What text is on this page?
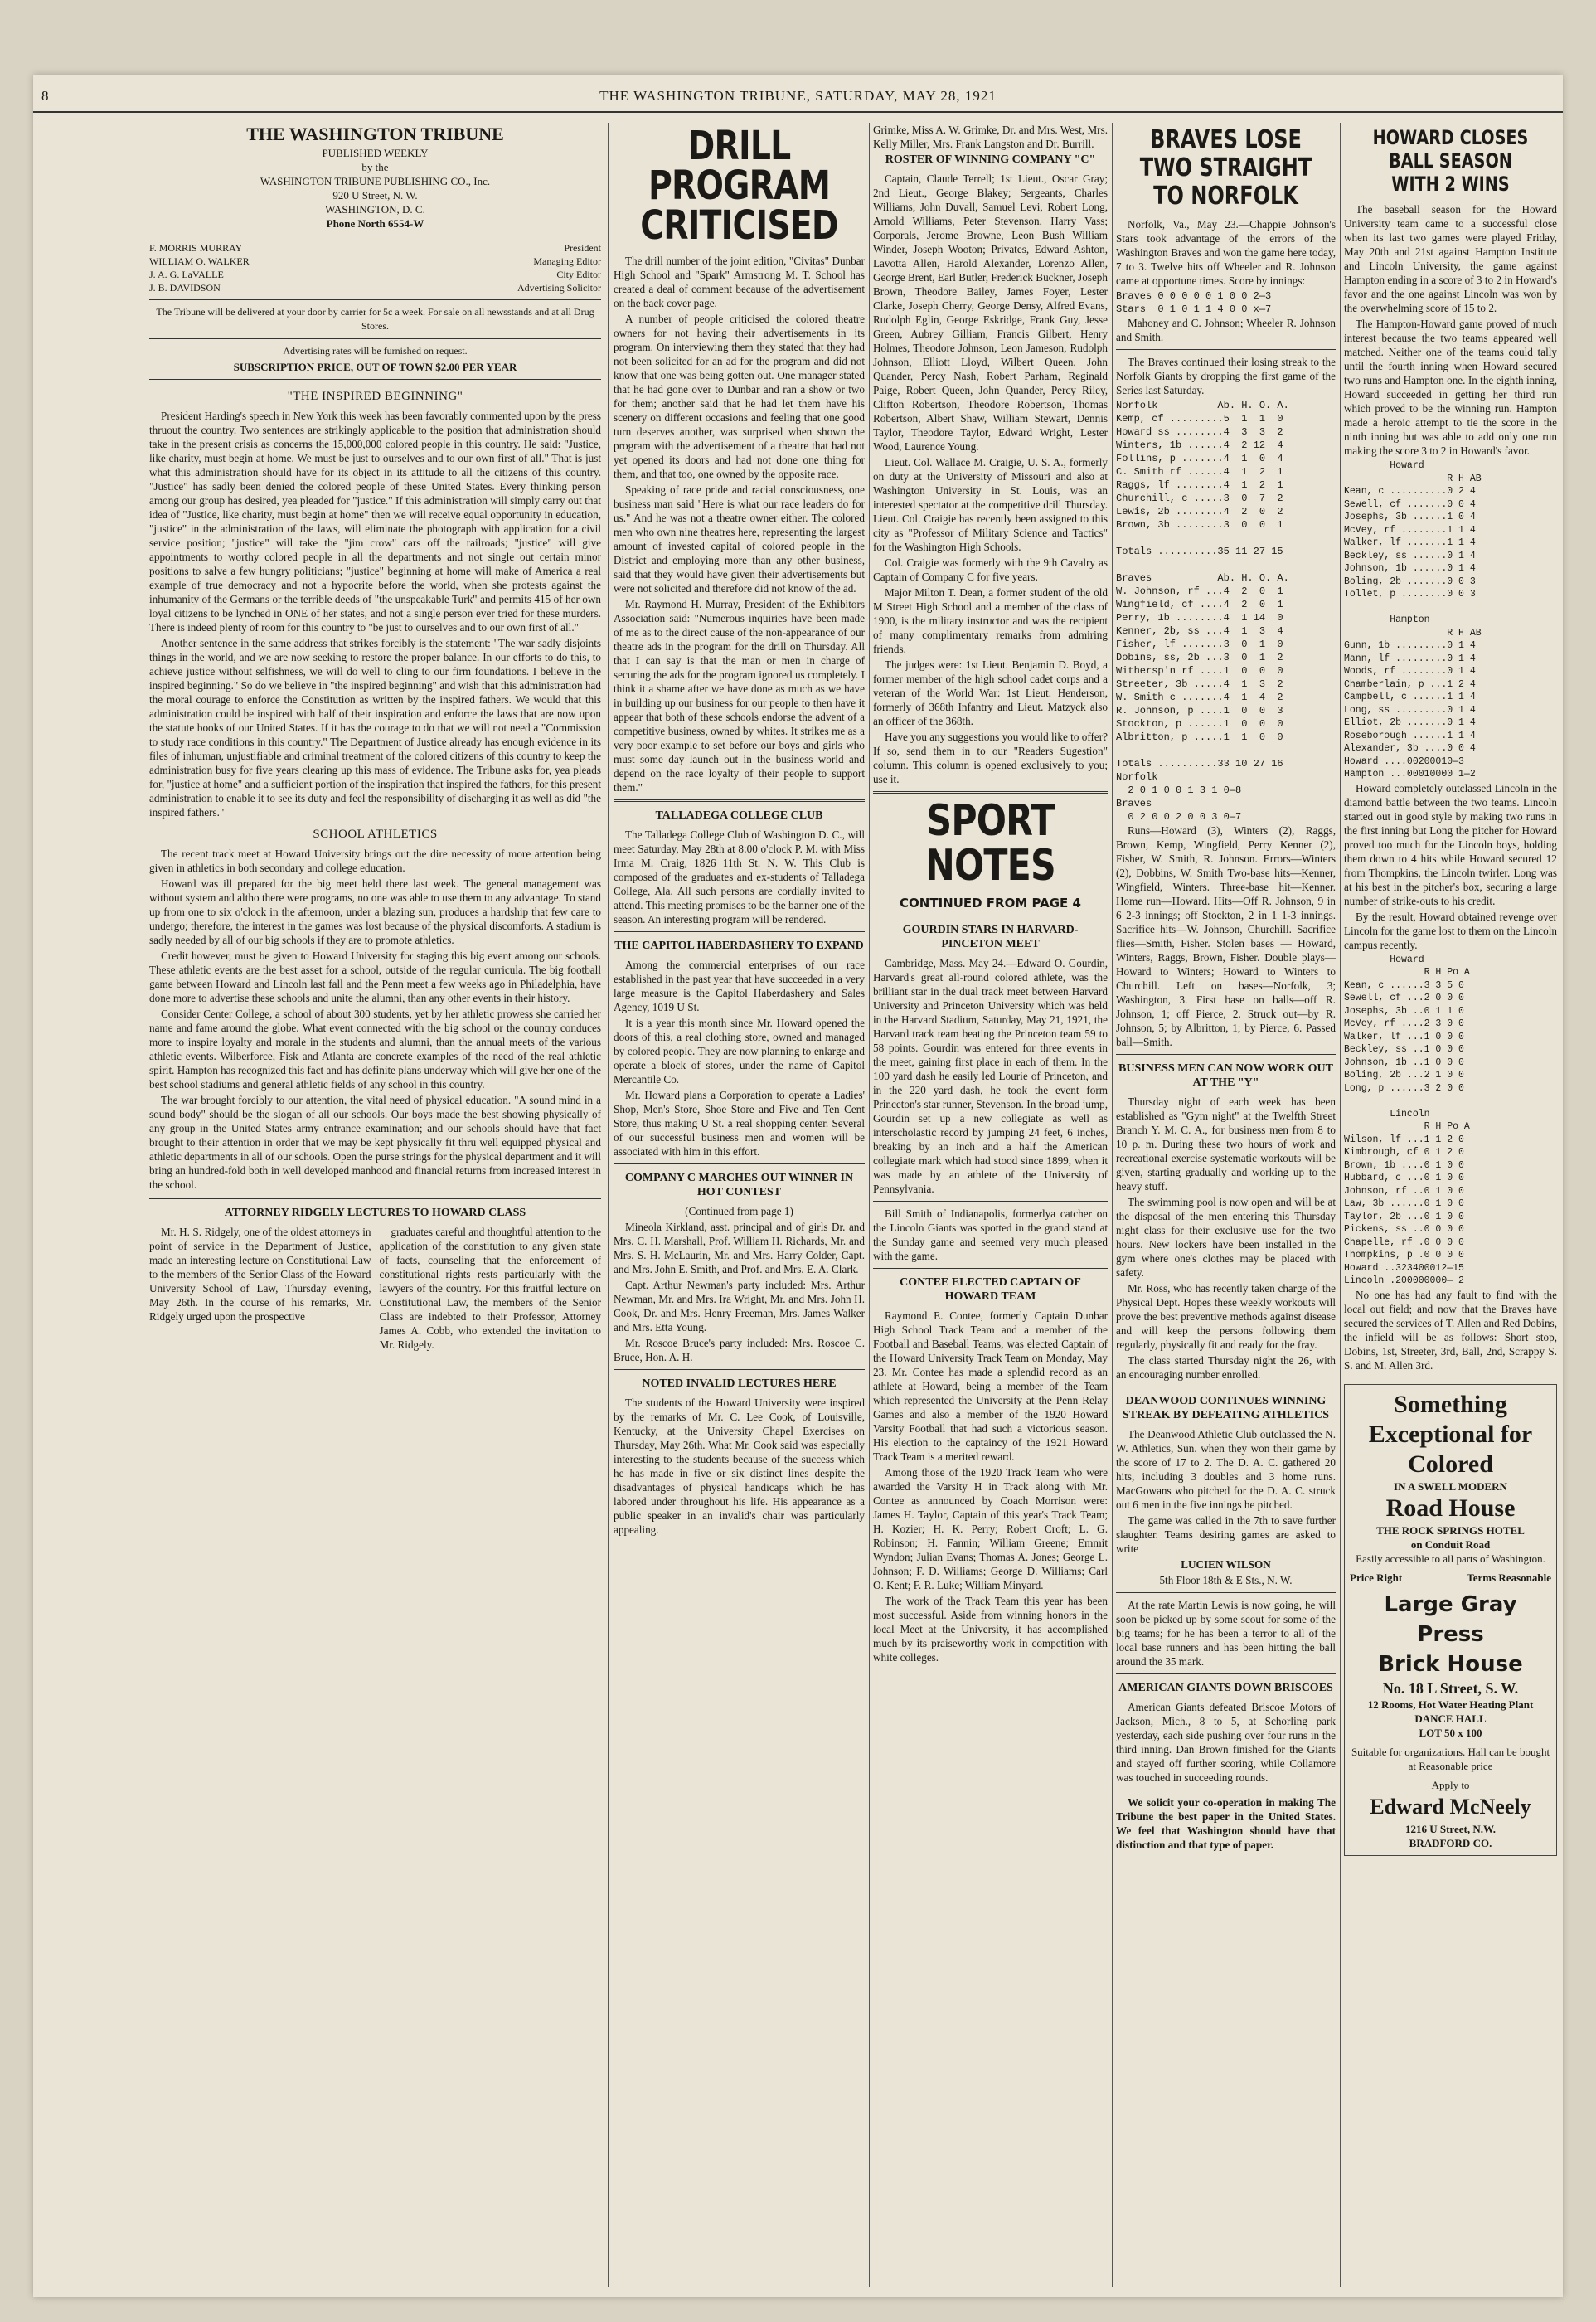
8	THE WASHINGTON TRIBUNE, SATURDAY, MAY 28, 1921
THE WASHINGTON TRIBUNE
PUBLISHED WEEKLY
by the
WASHINGTON TRIBUNE PUBLISHING CO., Inc.
920 U Street, N. W.
WASHINGTON, D. C.
Phone North 6554-W
F. MORRIS MURRAY	President
WILLIAM O. WALKER	Managing Editor
J. A. G. LaVALLE	City Editor
J. B. DAVIDSON	Advertising Solicitor

The Tribune will be delivered at your door by carrier for 5c a week. For sale on all newsstands and at all Drug Stores.

Advertising rates will be furnished on request.

SUBSCRIPTION PRICE, OUT OF TOWN $2.00 PER YEAR

"THE INSPIRED BEGINNING"

President Harding's speech in New York this week has been favorably commented upon by the press thruout the country. Two sentences are strikingly applicable to the position that administration should take in the present crisis as concerns the 15,000,000 colored people in this country. He said: "Justice, like charity, must begin at home. We must be just to ourselves and to our own first of all." That is just what this administration should have for its object in its attitude to all the citizens of this country. "Justice" has sadly been denied the colored people of these United States. Every thinking person among our group has desired, yea pleaded for "justice." If this administration will simply carry out that idea of "Justice, like charity, must begin at home" then we will receive equal opportunity in education, "justice" in the administration of the laws, will eliminate the photograph with application for a civil service position; "justice" will take the "jim crow" cars off the railroads; "justice" will give appointments to worthy colored people in all the departments and not single out certain minor positions to salve a few hungry politicians; "justice" beginning at home will make of America a real example of true democracy and not a hypocrite before the world, when she protests against the inhumanity of the Germans or the terrible deeds of "the unspeakable Turk" and permits 415 of her own loyal citizens to be lynched in ONE of her states, and not a single person ever tried for these murders. There is indeed plenty of room for this country to "be just to ourselves and to our own first of all."

Another sentence in the same address that strikes forcibly is the statement: "The war sadly disjoints things in the world, and we are now seeking to restore the proper balance. In our efforts to do this, to achieve justice without selfishness, we will do well to cling to our firm foundations. I believe in the inspired beginning." So do we believe in "the inspired beginning" and wish that this administration had the moral courage to enforce the Constitution as written by the inspired fathers. We would that this administration could be inspired with half of their inspiration and enforce the laws that are now upon the statute books of our United States. If it has the courage to do that we will not need a "Commission to study race conditions in this country." The Department of Justice already has enough evidence in its files of inhuman, unjustifiable and criminal treatment of the colored citizens of this country to keep the administration busy for five years clearing up this mass of evidence. The Tribune asks for, yea pleads for, "justice at home" and a sufficient portion of the inspiration that inspired the fathers, for this present administration to enable it to see its duty and feel the responsibility of discharging it as well as did "the inspired fathers."

SCHOOL ATHLETICS

The recent track meet at Howard University brings out the dire necessity of more attention being given in athletics in both secondary and college education.

Howard was ill prepared for the big meet held there last week. The general management was without system and altho there were programs, no one was able to use them to any advantage. To stand up from one to six o'clock in the afternoon, under a blazing sun, produces a hardship that few care to undergo; therefore, the interest in the games was lost because of the physical discomforts. A stadium is sadly needed by all of our big schools if they are to promote athletics.

Credit however, must be given to Howard University for staging this big event among our schools. These athletic events are the best asset for a school, outside of the regular curricula. The big football game between Howard and Lincoln last fall and the Penn meet a few weeks ago in Philadelphia, have done more to advertise these schools and unite the alumni, than any other events in their history.

Consider Center College, a school of about 300 students, yet by her athletic prowess she carried her name and fame around the globe. What event connected with the big school or the country conduces more to inspire loyalty and morale in the students and alumni, than the annual meets of the various athletic events. Wilberforce, Fisk and Atlanta are concrete examples of the need of the real athletic spirit. Hampton has recognized this fact and has definite plans underway which will give her one of the best school stadiums and general athletic fields of any school in this country.

The war brought forcibly to our attention, the vital need of physical education. "A sound mind in a sound body" should be the slogan of all our schools. Our boys made the best showing physically of any group in the United States army entrance examination; and our schools should have that fact brought to their attention in order that we may be kept physically fit thru well equipped physical and athletic departments in all of our schools. Open the purse strings for the physical department and it will bring an hundred-fold both in well developed manhood and financial returns from increased interest in the school.

ATTORNEY RIDGELY LECTURES TO HOWARD CLASS

Mr. H. S. Ridgely, one of the oldest attorneys in point of service in the Department of Justice, made an interesting lecture on Constitutional Law to the members of the Senior Class of the Howard University School of Law, Thursday evening, May 26th. In the course of his remarks, Mr. Ridgely urged upon the prospective

graduates careful and thoughtful attention to the application of the constitution to any given state of facts, counseling that the enforcement of constitutional rights rests particularly with the lawyers of the country. For this fruitful lecture on Constitutional Law, the members of the Senior Class are indebted to their Professor, Attorney James A. Cobb, who extended the invitation to Mr. Ridgely.

DRILL PROGRAM CRITICISED

The drill number of the joint edition, "Civitas" Dunbar High School and "Spark" Armstrong M. T. School has created a deal of comment because of the advertisement on the back cover page.

A number of people criticised the colored theatre owners for not having their advertisements in its program. On interviewing them they stated that they had not been solicited for an ad for the program and did not know that one was being gotten out. One manager stated that he had gone over to Dunbar and ran a show or two for them; another said that he had let them have his scenery on different occasions and feeling that one good turn deserves another, was surprised when shown the program with the advertisement of a theatre that had not yet opened its doors and had not done one thing for them, and that too, one owned by the opposite race.

Speaking of race pride and racial consciousness, one business man said "Here is what our race leaders do for us." And he was not a theatre owner either. The colored men who own nine theatres here, representing the largest amount of invested capital of colored people in the District and employing more than any other business, said that they would have given their advertisements but were not solicited and therefore did not know of the ad.

Mr. Raymond H. Murray, President of the Exhibitors Association said: "Numerous inquiries have been made of me as to the direct cause of the non-appearance of our theatre ads in the program for the drill on Thursday. All that I can say is that the man or men in charge of securing the ads for the program ignored us completely. I think it a shame after we have done as much as we have in building up our business for our people to then have it appear that both of these schools endorse the advent of a competitive business, owned by whites. It strikes me as a very poor example to set before our boys and girls who must some day launch out in the business world and depend on the race loyalty of their people to support them."

TALLADEGA COLLEGE CLUB

The Talladega College Club of Washington D. C., will meet Saturday, May 28th at 8:00 o'clock P. M. with Miss Irma M. Craig, 1826 11th St. N. W. This Club is composed of the graduates and ex-students of Talladega College, Ala. All such persons are cordially invited to attend. This meeting promises to be the banner one of the season. An interesting program will be rendered.

THE CAPITOL HABERDASHERY TO EXPAND

Among the commercial enterprises of our race established in the past year that have succeeded in a very large measure is the Capitol Haberdashery and Sales Agency, 1019 U St.

It is a year this month since Mr. Howard opened the doors of this, a real clothing store, owned and managed by colored people. They are now planning to enlarge and operate a block of stores, under the name of Capitol Mercantile Co.

Mr. Howard plans a Corporation to operate a Ladies' Shop, Men's Store, Shoe Store and Five and Ten Cent Store, thus making U St. a real shopping center. Several of our successful business men and women will be associated with him in this effort.

COMPANY C MARCHES OUT WINNER IN HOT CONTEST

(Continued from page 1)

Mineola Kirkland, asst. principal and of girls Dr. and Mrs. C. H. Marshall, Prof. William H. Richards, Mr. and Mrs. S. H. McLaurin, Mr. and Mrs. Harry Colder, Capt. and Mrs. John E. Smith, and Prof. and Mrs. E. A. Clark.

Capt. Arthur Newman's party included: Mrs. Arthur Newman, Mr. and Mrs. Ira Wright, Mr. and Mrs. John H. Cook, Dr. and Mrs. Henry Freeman, Mrs. James Walker and Mrs. Etta Young.

Mr. Roscoe Bruce's party included: Mrs. Roscoe C. Bruce, Hon. A. H.

NOTED INVALID LECTURES HERE

The students of the Howard University were inspired by the remarks of Mr. C. Lee Cook, of Louisville, Kentucky, at the University Chapel Exercises on Thursday, May 26th. What Mr. Cook said was especially interesting to the students because of the success which he has made in five or six distinct lines despite the disadvantages of physical handicaps which he has labored under throughout his life. His appearance as a public speaker in an invalid's chair was particularly appealing.

Grimke, Miss A. W. Grimke, Dr. and Mrs. West, Mrs. Kelly Miller, Mrs. Frank Langston and Dr. Burrill.

ROSTER OF WINNING COMPANY "C"

Captain, Claude Terrell; 1st Lieut., Oscar Gray; 2nd Lieut., George Blakey; Sergeants, Charles Williams, John Duvall, Samuel Levi, Robert Long, Arnold Williams, Peter Stevenson, Harry Vass; Corporals, Jerome Browne, Leon Bush William Winder, Joseph Wooton; Privates, Edward Ashton, Lavotta Allen, Harold Alexander, Lorenzo Allen, George Brent, Earl Butler, Frederick Buckner, Joseph Brown, Theodore Bailey, James Foyer, Lester Clarke, Joseph Cherry, George Densy, Alfred Evans, Rudolph Eglin, George Eskridge, Frank Guy, Jesse Green, Aubrey Gilliam, Francis Gilbert, Henry Holmes, Theodore Johnson, Leon Jameson, Rudolph Johnson, Elliott Lloyd, Wilbert Queen, John Quander, Percy Nash, Robert Parham, Reginald Paige, Robert Queen, John Quander, Percy Riley, Clifton Robertson, Theodore Robertson, Thomas Robertson, Albert Shaw, William Stewart, Dennis Taylor, Theodore Taylor, Edward Wright, Lester Wood, Laurence Young.

Lieut. Col. Wallace M. Craigie, U. S. A., formerly on duty at the University of Missouri and also at Washington University in St. Louis, was an interested spectator at the competitive drill Thursday. Lieut. Col. Craigie has recently been assigned to this city as "Professor of Military Science and Tactics" for the Washington High Schools.

Col. Craigie was formerly with the 9th Cavalry as Captain of Company C for five years.

Major Milton T. Dean, a former student of the old M Street High School and a member of the class of 1900, is the military instructor and was the recipient of many complimentary remarks from admiring friends.

The judges were: 1st Lieut. Benjamin D. Boyd, a former member of the high school cadet corps and a veteran of the World War: 1st Lieut. Henderson, formerly of 368th Infantry and Lieut. Matzyck also an officer of the 368th.

Have you any suggestions you would like to offer? If so, send them in to our "Readers Sugestion" column. This column is opened exclusively to you; use it.

SPORT NOTES
CONTINUED FROM PAGE 4
GOURDIN STARS IN HARVARD-PINCETON MEET

Cambridge, Mass. May 24.—Edward O. Gourdin, Harvard's great all-round colored athlete, was the brilliant star in the dual track meet between Harvard University and Princeton University which was held in the Harvard Stadium, Saturday, May 21, 1921, the Harvard track team beating the Princeton team 59 to 58 points. Gourdin was entered for three events in the meet, gaining first place in each of them. In the 100 yard dash he easily led Lourie of Princeton, and in the 220 yard dash, he took the event form Princeton's star runner, Stevenson. In the broad jump, Gourdin set up a new collegiate as well as interscholastic record by jumping 24 feet, 6 inches, breaking by an inch and a half the American collegiate mark which had stood since 1899, when it was made by an athlete of the University of Pennsylvania.

Bill Smith of Indianapolis, formerlya catcher on the Lincoln Giants was spotted in the grand stand at the Sunday game and seemed very much pleased with the game.

CONTEE ELECTED CAPTAIN OF HOWARD TEAM

Raymond E. Contee, formerly Captain Dunbar High School Track Team and a member of the Football and Baseball Teams, was elected Captain of the Howard University Track Team on Monday, May 23. Mr. Contee has made a splendid record as an athlete at Howard, being a member of the Team which represented the University at the Penn Relay Games and also a member of the 1920 Howard Varsity Football that had such a victorious season. His election to the captaincy of the 1921 Howard Track Team is a merited reward.

Among those of the 1920 Track Team who were awarded the Varsity H in Track along with Mr. Contee as announced by Coach Morrison were: James H. Taylor, Captain of this year's Track Team; H. Kozier; H. K. Perry; Robert Croft; L. G. Robinson; H. Fannin; William Greene; Emmit Wyndon; Julian Evans; Thomas A. Jones; George L. Johnson; F. D. Williams; George D. Williams; Carl O. Kent; F. R. Luke; William Minyard.

The work of the Track Team this year has been most successful. Aside from winning honors in the local Meet at the University, it has accomplished much by its praiseworthy work in competition with white colleges.

BRAVES LOSE TWO STRAIGHT TO NORFOLK

Norfolk, Va., May 23.—Chappie Johnson's Stars took advantage of the errors of the Washington Braves and won the game here today, 7 to 3. Twelve hits off Wheeler and R. Johnson came at opportune times. Score by innings:

Braves 0 0 0 0 0 1 0 0 2—3
Stars  0 1 0 1 1 4 0 0 x—7

Mahoney and C. Johnson; Wheeler R. Johnson and Smith.

The Braves continued their losing streak to the Norfolk Giants by dropping the first game of the Series last Saturday.

Norfolk          Ab. H. O. A.
Kemp, cf .........5  1  1  0
Howard ss ........4  3  3  2
Winters, 1b ......4  2 12  4
Follins, p .......4  1  0  4
C. Smith rf ......4  1  2  1
Raggs, lf ........4  1  2  1
Churchill, c .....3  0  7  2
Lewis, 2b ........4  2  0  2
Brown, 3b ........3  0  0  1

Totals ..........35 11 27 15

Braves           Ab. H. O. A.
W. Johnson, rf ...4  2  0  1
Wingfield, cf ....4  2  0  1
Perry, 1b ........4  1 14  0
Kenner, 2b, ss ...4  1  3  4
Fisher, lf .......3  0  1  0
Dobins, ss, 2b ...3  0  1  2
Withersp'n rf ....1  0  0  0
Streeter, 3b .....4  1  3  2
W. Smith c .......4  1  4  2
R. Johnson, p ....1  0  0  3
Stockton, p ......1  0  0  0
Albritton, p .....1  1  0  0

Totals ..........33 10 27 16
Norfolk
2 0 1 0 0 1 3 1 0—8
Braves
0 2 0 0 2 0 0 3 0—7

Runs—Howard (3), Winters (2), Raggs, Brown, Kemp, Wingfield, Perry Kenner (2), Fisher, W. Smith, R. Johnson. Errors—Winters (2), Dobbins, W. Smith Two-base hits—Kenner, Wingfield, Winters. Three-base hit—Kenner. Home run—Howard. Hits—Off R. Johnson, 9 in 6 2-3 innings; off Stockton, 2 in 1 1-3 innings. Sacrifice hits—W. Johnson, Churchill. Sacrifice flies—Smith, Fisher. Stolen bases — Howard, Winters, Raggs, Brown, Fisher. Double plays—Howard to Winters; Howard to Winters to Churchill. Left on bases—Norfolk, 3; Washington, 3. First base on balls—off R. Johnson, 1; off Pierce, 2. Struck out—by R. Johnson, 5; by Albritton, 1; by Pierce, 6. Passed ball—Smith.

BUSINESS MEN CAN NOW WORK OUT AT THE "Y"

Thursday night of each week has been established as "Gym night" at the Twelfth Street Branch Y. M. C. A., for business men from 8 to 10 p. m. During these two hours of work and recreational exercise systematic workouts will be given, starting gradually and working up to the heavy stuff.

The swimming pool is now open and will be at the disposal of the men entering this Thursday night class for their exclusive use for the two hours. New lockers have been installed in the gym where one's clothes may be placed with safety.

Mr. Ross, who has recently taken charge of the Physical Dept. Hopes these weekly workouts will prove the best preventive methods against disease and will keep the persons following them regularly, physically fit and ready for the fray.

The class started Thursday night the 26, with an encouraging number enrolled.

DEANWOOD CONTINUES WINNING STREAK BY DEFEATING ATHLETICS

The Deanwood Athletic Club outclassed the N. W. Athletics, Sun. when they won their game by the score of 17 to 2. The D. A. C. gathered 20 hits, including 3 doubles and 3 home runs. MacGowans who pitched for the D. A. C. struck out 6 men in the five innings he pitched.

The game was called in the 7th to save further slaughter. Teams desiring games are asked to write

LUCIEN WILSON

5th Floor 18th & E Sts., N. W.

At the rate Martin Lewis is now going, he will soon be picked up by some scout for some of the big teams; for he has been a terror to all of the local base runners and has been hitting the ball around the 35 mark.

AMERICAN GIANTS DOWN BRISCOES

American Giants defeated Briscoe Motors of Jackson, Mich., 8 to 5, at Schorling park yesterday, each side pushing over four runs in the third inning. Dan Brown finished for the Giants and stayed off further scoring, while Collamore was touched in succeeding rounds.

We solicit your co-operation in making The Tribune the best paper in the United States. We feel that Washington should have that distinction and that type of paper.

HOWARD CLOSES BALL SEASON WITH 2 WINS

The baseball season for the Howard University team came to a successful close when its last two games were played Friday, May 20th and 21st against Hampton Institute and Lincoln University, the game against Hampton ending in a score of 3 to 2 in Howard's favor and the one against Lincoln was won by the overwhelming score of 15 to 2.

The Hampton-Howard game proved of much interest because the two teams appeared well matched. Neither one of the teams could tally until the fourth inning when Howard secured two runs and Hampton one. In the eighth inning, Howard succeeded in getting her third run which proved to be the winning run. Hampton made a heroic attempt to tie the score in the ninth inning but was able to add only one run making the score 3 to 2 in Howard's favor.

Howard
R H AB
Kean, c ..........0 2 4
Sewell, cf .......0 0 4
Josephs, 3b ......1 0 4
McVey, rf ........1 1 4
Walker, lf .......1 1 4
Beckley, ss ......0 1 4
Johnson, 1b ......0 1 4
Boling, 2b .......0 0 3
Tollet, p ........0 0 3

Hampton
R H AB
Gunn, 1b .........0 1 4
Mann, lf .........0 1 4
Woods, rf ........0 1 4
Chamberlain, p ...1 2 4
Campbell, c ......1 1 4
Long, ss .........0 1 4
Elliot, 2b .......0 1 4
Roseborough ......1 1 4
Alexander, 3b ....0 0 4
Howard ....00200010—3
Hampton ...00010000 1—2

Howard completely outclassed Lincoln in the diamond battle between the two teams. Lincoln started out in good style by making two runs in the first inning but Long the pitcher for Howard proved too much for the Lincoln boys, holding them down to 4 hits while Howard secured 12 from Thompkins, the Lincoln twirler. Long was at his best in the pitcher's box, securing a large number of strike-outs to his credit.

By the result, Howard obtained revenge over Lincoln for the game lost to them on the Lincoln campus recently.

Howard
R H Po A
Kean, c ......3 3 5 0
Sewell, cf ...2 0 0 0
Josephs, 3b ..0 1 1 0
McVey, rf ....2 3 0 0
Walker, lf ...1 0 0 0
Beckley, ss ..1 0 0 0
Johnson, 1b ..1 0 0 0
Boling, 2b ...2 1 0 0
Long, p ......3 2 0 0

Lincoln
R H Po A
Wilson, lf ...1 1 2 0
Kimbrough, cf 0 1 2 0
Brown, 1b ....0 1 0 0
Hubbard, c ...0 1 0 0
Johnson, rf ..0 1 0 0
Law, 3b ......0 1 0 0
Taylor, 2b ...0 1 0 0
Pickens, ss ..0 0 0 0
Chapelle, rf .0 0 0 0
Thompkins, p .0 0 0 0
Howard ..323400012—15
Lincoln .200000000— 2

No one has had any fault to find with the local out field; and now that the Braves have secured the services of T. Allen and Red Dobins, the infield will be as follows: Short stop, Dobins, 1st, Streeter, 3rd, Ball, 2nd, Scrappy S. S. and M. Allen 3rd.

Something
Exceptional for
Colored
IN A SWELL MODERN
Road House
THE ROCK SPRINGS HOTEL
on Conduit Road
Easily accessible to all parts of Washington.
Price Right	Terms Reasonable
Large Gray Press
Brick House
No. 18 L Street, S. W.
12 Rooms, Hot Water Heating Plant
DANCE HALL
LOT 50 x 100
Suitable for organizations. Hall can be bought at Reasonable price
Apply to
Edward McNeely
1216 U Street, N.W.
BRADFORD CO.
